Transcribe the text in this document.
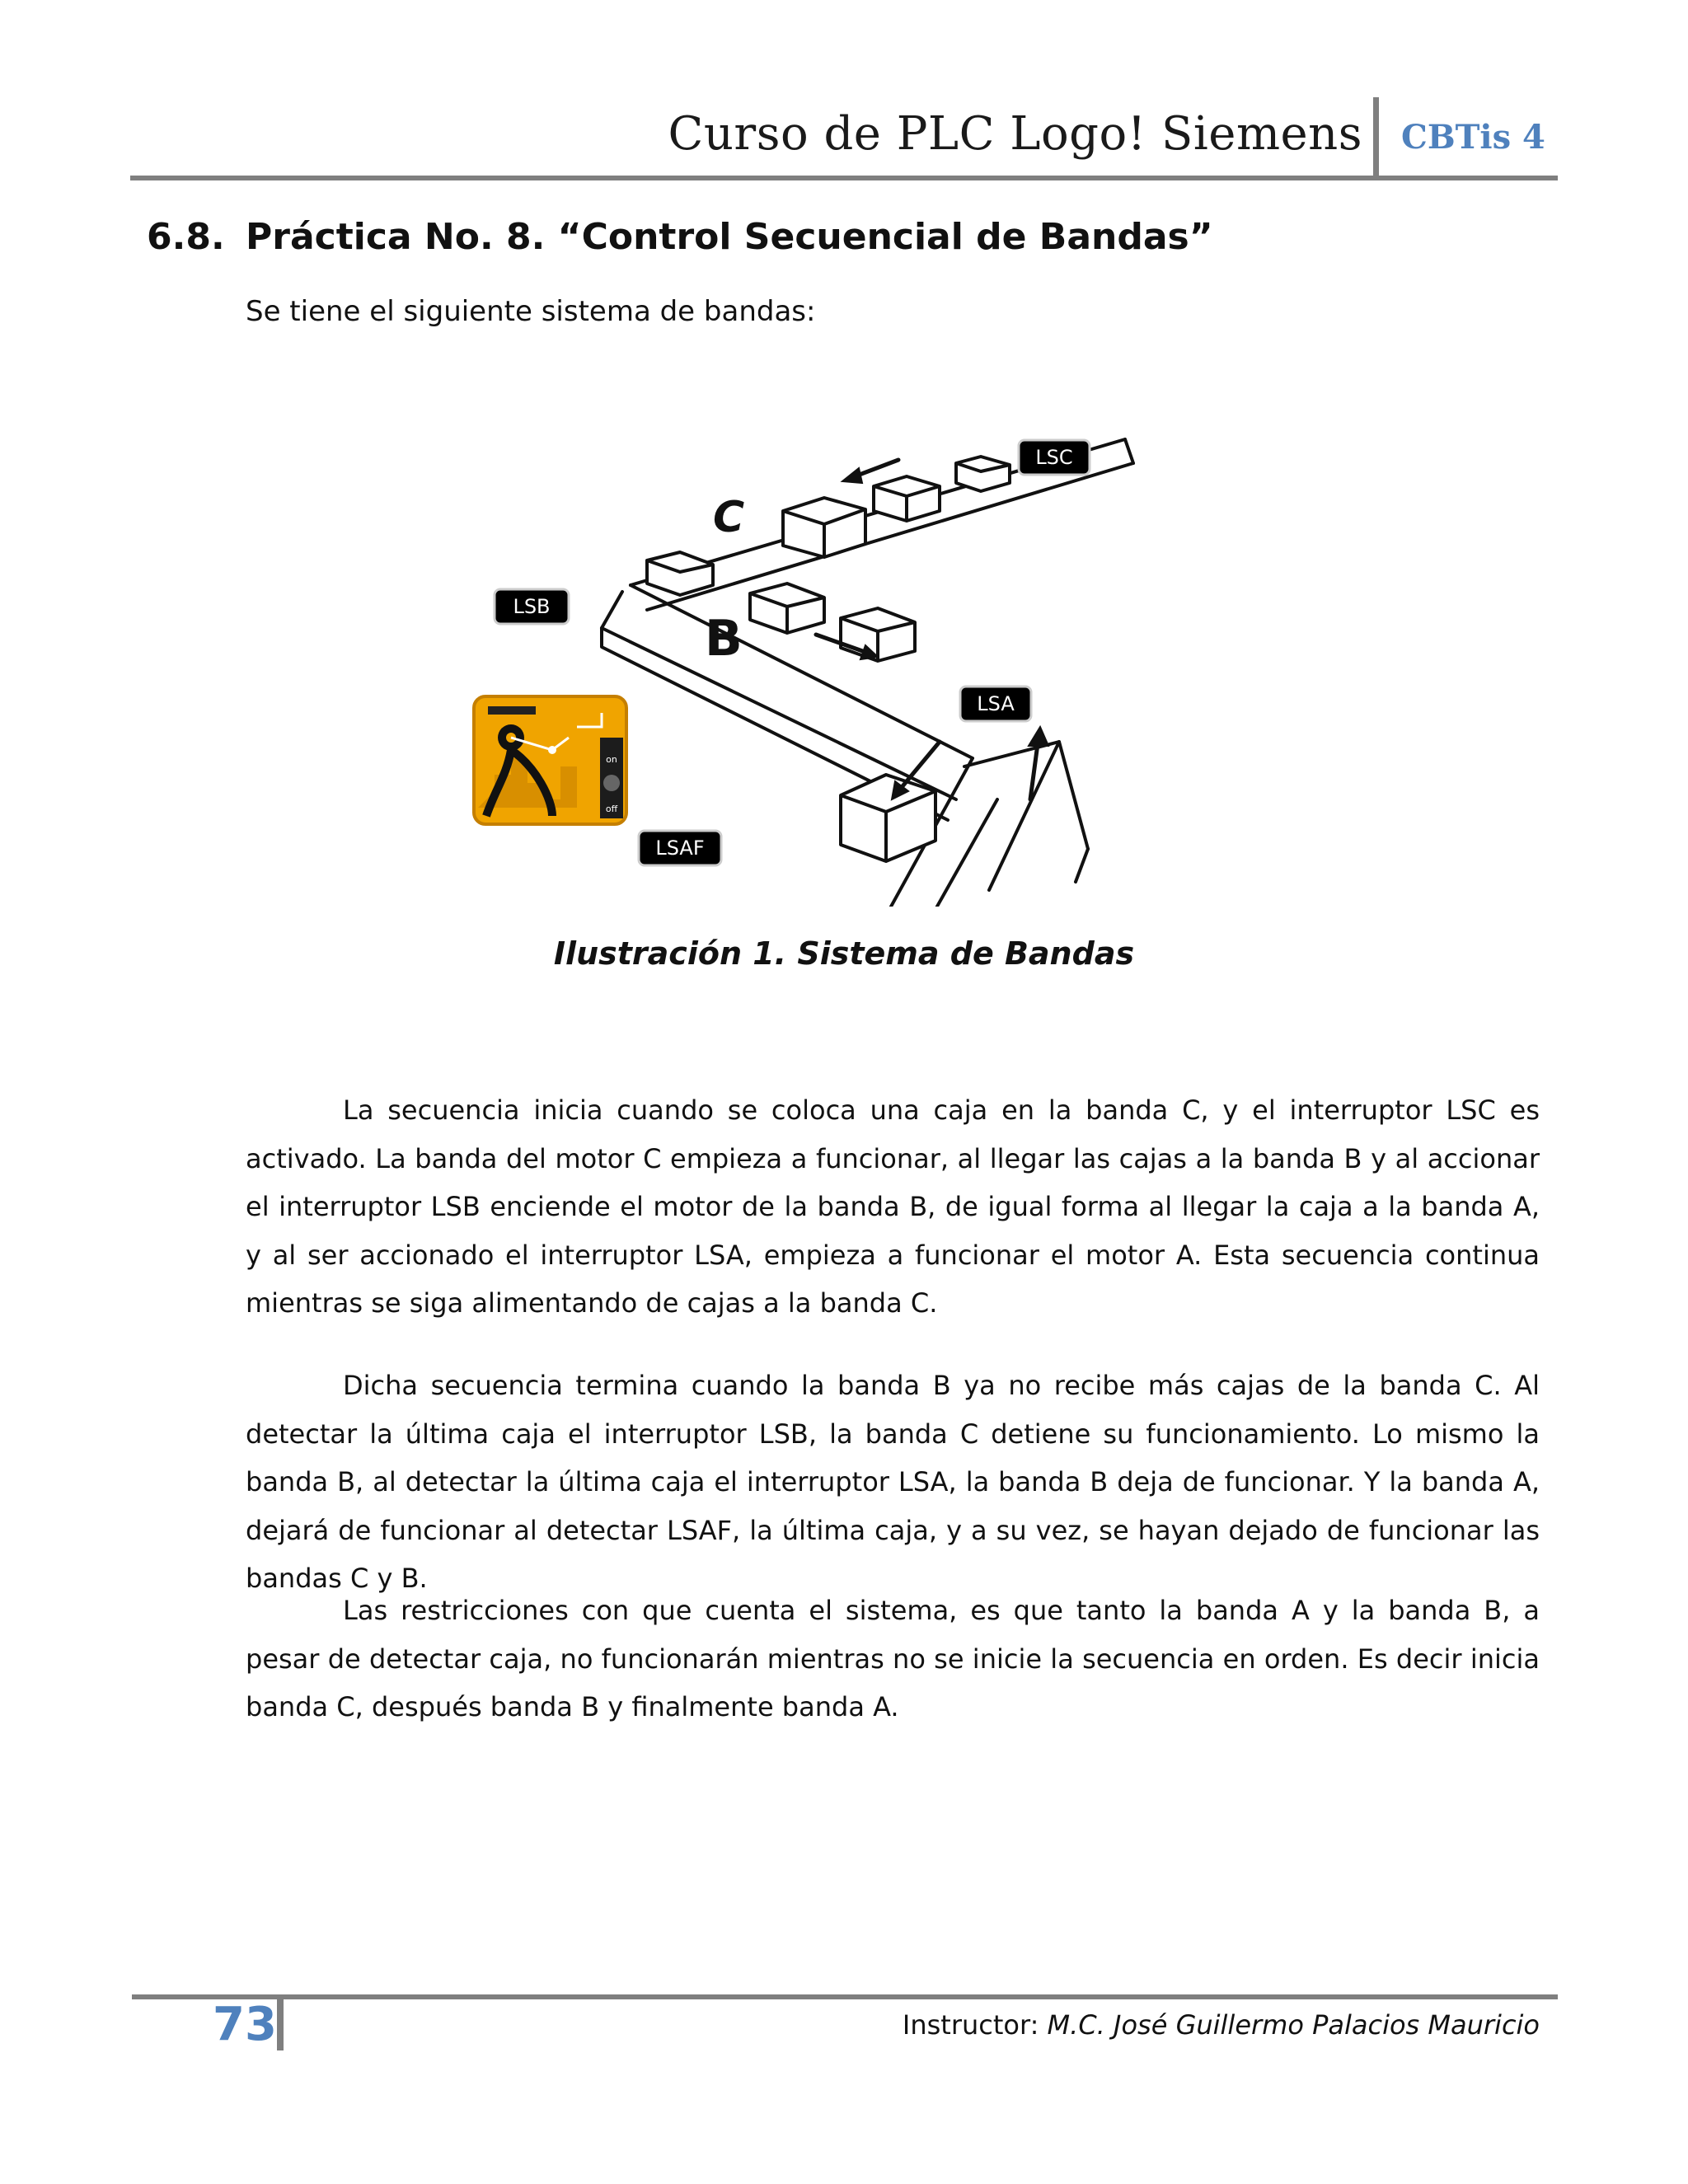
Curso de PLC Logo! Siemens CBTis 4
6.8. Práctica No. 8. “Control Secuencial de Bandas”
Se tiene el siguiente sistema de bandas:
C
B
LSC
LSB
LSA
LSAF
on
off
Ilustración 1. Sistema de Bandas

La secuencia inicia cuando se coloca una caja en la banda C, y el interruptor LSC es activado. La banda del motor C empieza a funcionar, al llegar las cajas a la banda B y al accionar el interruptor LSB enciende el motor de la banda B, de igual forma al llegar la caja a la banda A, y al ser accionado el interruptor LSA, empieza a funcionar el motor A. Esta secuencia continua mientras se siga alimentando de cajas a la banda C.

Dicha secuencia termina cuando la banda B ya no recibe más cajas de la banda C. Al detectar la última caja el interruptor LSB, la banda C detiene su funcionamiento. Lo mismo la banda B, al detectar la última caja el interruptor LSA, la banda B deja de funcionar. Y la banda A, dejará de funcionar al detectar LSAF, la última caja, y a su vez, se hayan dejado de funcionar las bandas C y B.

Las restricciones con que cuenta el sistema, es que tanto la banda A y la banda B, a pesar de detectar caja, no funcionarán mientras no se inicie la secuencia en orden. Es decir inicia banda C, después banda B y finalmente banda A.

73	Instructor: M.C. José Guillermo Palacios Mauricio
